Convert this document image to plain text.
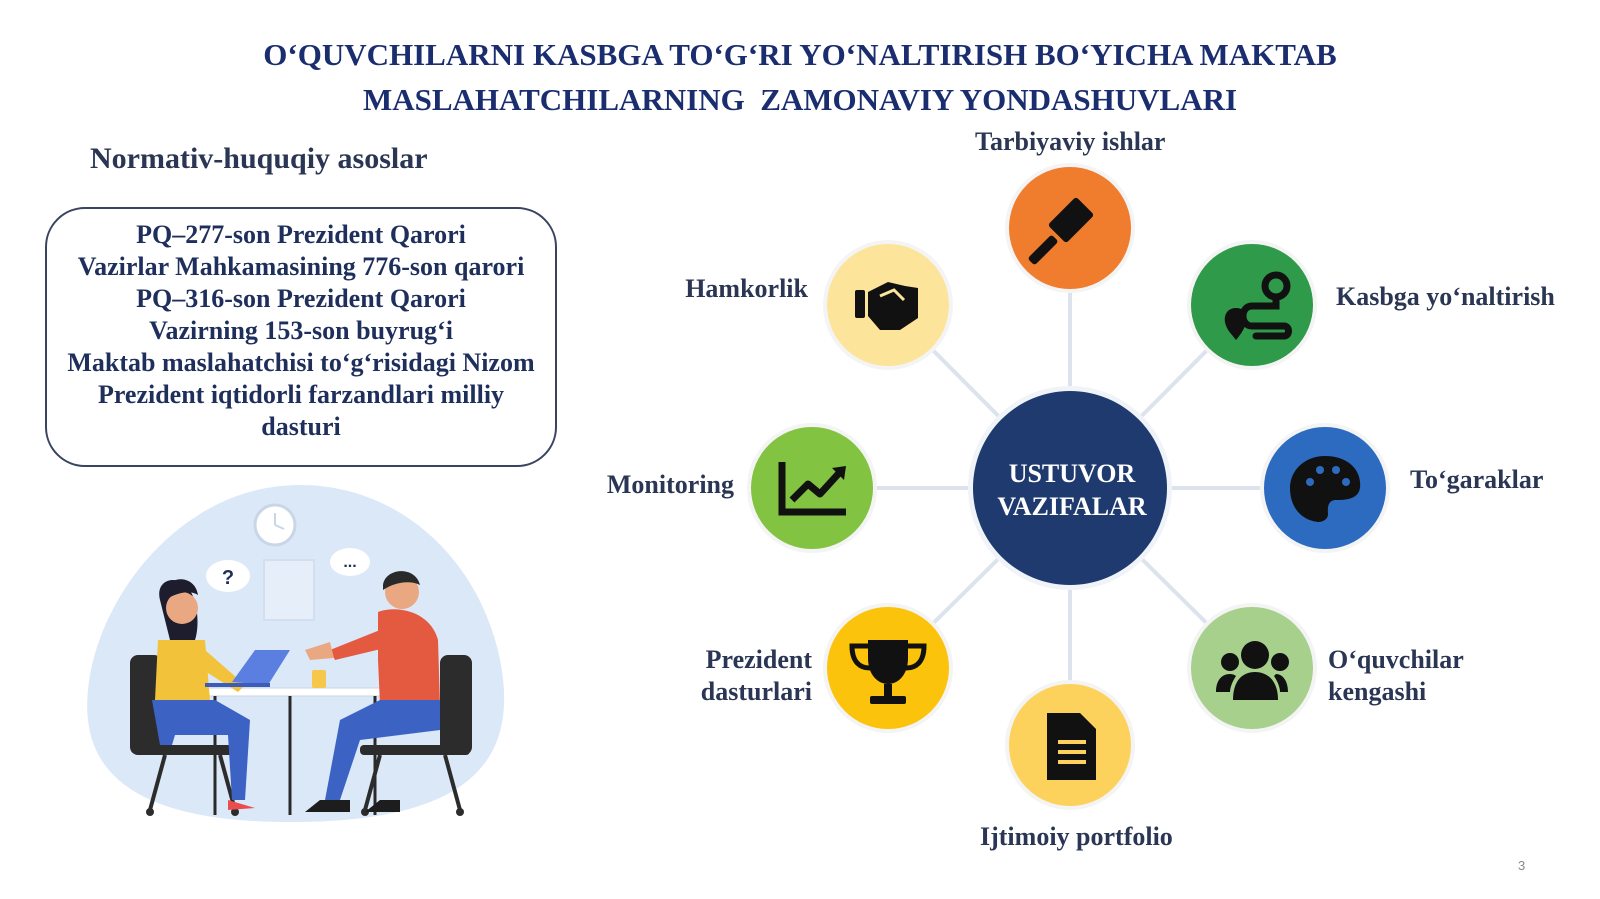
O‘QUVCHILARNI KASBGA TO‘G‘RI YO‘NALTIRISH BO‘YICHA MAKTAB
MASLAHATCHILARNING  ZAMONAVIY YONDASHUVLARI
Normativ-huquqiy asoslar
PQ–277-son Prezident Qarori
Vazirlar Mahkamasining 776-son qarori
PQ–316-son Prezident Qarori
Vazirning 153-son buyrug‘i
Maktab maslahatchisi to‘g‘risidagi Nizom
Prezident iqtidorli farzandlari milliy dasturi
?
...
USTUVOR
VAZIFALAR
Tarbiyaviy ishlar
Kasbga yo‘naltirish
To‘garaklar
O‘quvchilar
kengashi
Ijtimoiy portfolio
Prezident
dasturlari
Monitoring
Hamkorlik
3
